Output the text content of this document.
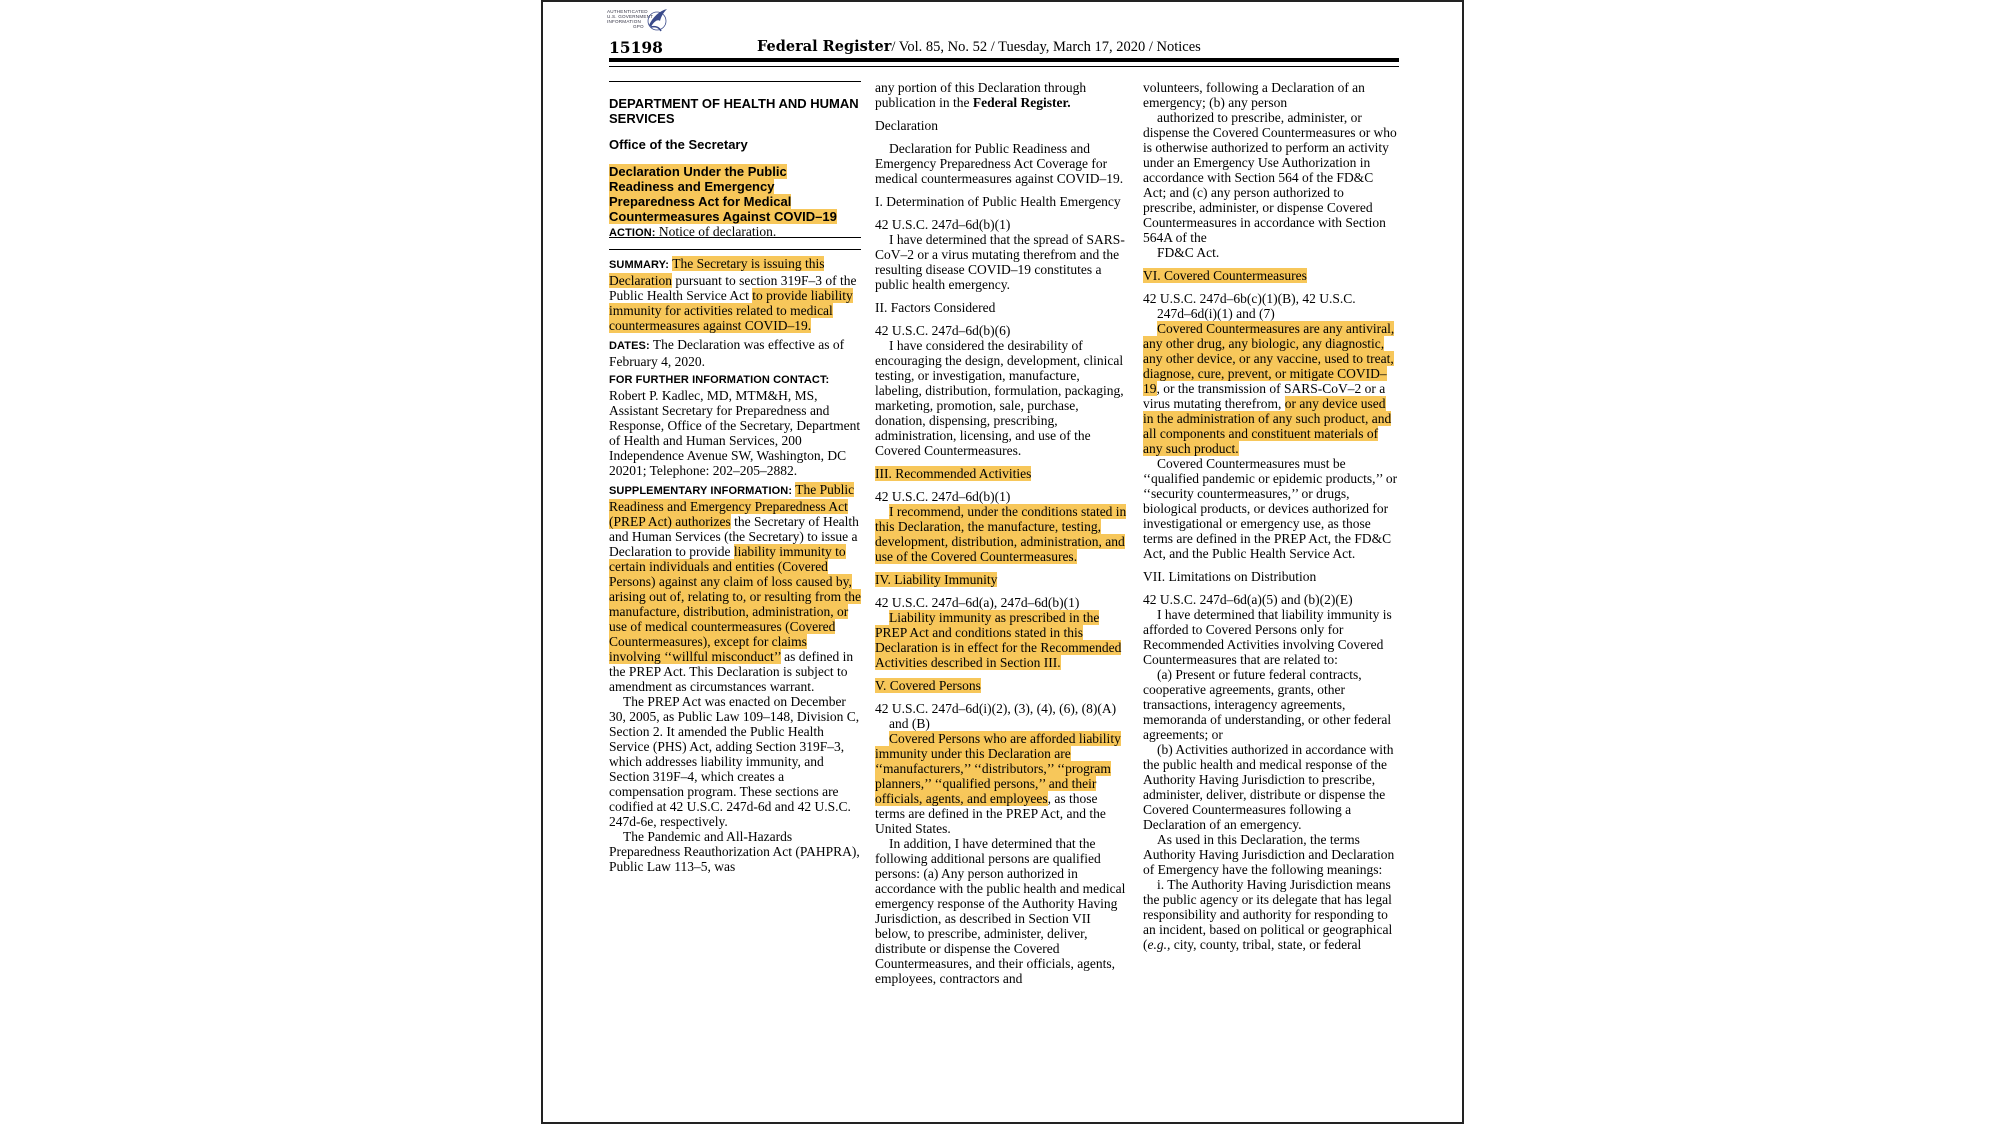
AUTHENTICATED
U.S. GOVERNMENT
INFORMATION
GPO
15198	Federal Register/ Vol. 85, No. 52 / Tuesday, March 17, 2020 / Notices

DEPARTMENT OF HEALTH AND HUMAN SERVICES

Office of the Secretary

Declaration Under the Public Readiness and Emergency Preparedness Act for Medical Countermeasures Against COVID–19

ACTION: Notice of declaration.

SUMMARY: The Secretary is issuing this Declaration pursuant to section 319F–3 of the Public Health Service Act to provide liability immunity for activities related to medical countermeasures against COVID–19.

DATES: The Declaration was effective as of February 4, 2020.

FOR FURTHER INFORMATION CONTACT:

Robert P. Kadlec, MD, MTM&H, MS, Assistant Secretary for Preparedness and Response, Office of the Secretary, Department of Health and Human Services, 200 Independence Avenue SW, Washington, DC 20201; Telephone: 202–205–2882.

SUPPLEMENTARY INFORMATION: The Public Readiness and Emergency Preparedness Act (PREP Act) authorizes the Secretary of Health and Human Services (the Secretary) to issue a Declaration to provide liability immunity to certain individuals and entities (Covered Persons) against any claim of loss caused by, arising out of, relating to, or resulting from the manufacture, distribution, administration, or use of medical countermeasures (Covered Countermeasures), except for claims involving ‘‘willful misconduct’’ as defined in the PREP Act. This Declaration is subject to amendment as circumstances warrant.

The PREP Act was enacted on December 30, 2005, as Public Law 109–148, Division C, Section 2. It amended the Public Health Service (PHS) Act, adding Section 319F–3, which addresses liability immunity, and Section 319F–4, which creates a compensation program. These sections are codified at 42 U.S.C. 247d-6d and 42 U.S.C. 247d-6e, respectively.

The Pandemic and All-Hazards Preparedness Reauthorization Act (PAHPRA), Public Law 113–5, was

any portion of this Declaration through publication in the Federal Register.

Declaration

Declaration for Public Readiness and Emergency Preparedness Act Coverage for medical countermeasures against COVID–19.

I. Determination of Public Health Emergency

42 U.S.C. 247d–6d(b)(1)

I have determined that the spread of SARS-CoV–2 or a virus mutating therefrom and the resulting disease COVID–19 constitutes a public health emergency.

II. Factors Considered

42 U.S.C. 247d–6d(b)(6)

I have considered the desirability of encouraging the design, development, clinical testing, or investigation, manufacture, labeling, distribution, formulation, packaging, marketing, promotion, sale, purchase, donation, dispensing, prescribing, administration, licensing, and use of the Covered Countermeasures.

III. Recommended Activities

42 U.S.C. 247d–6d(b)(1)

I recommend, under the conditions stated in this Declaration, the manufacture, testing, development, distribution, administration, and use of the Covered Countermeasures.

IV. Liability Immunity

42 U.S.C. 247d–6d(a), 247d–6d(b)(1)

Liability immunity as prescribed in the PREP Act and conditions stated in this Declaration is in effect for the Recommended Activities described in Section III.

V. Covered Persons

42 U.S.C. 247d–6d(i)(2), (3), (4), (6), (8)(A) and (B)

Covered Persons who are afforded liability immunity under this Declaration are ‘‘manufacturers,’’ ‘‘distributors,’’ ‘‘program planners,’’ ‘‘qualified persons,’’ and their officials, agents, and employees, as those terms are defined in the PREP Act, and the United States.

In addition, I have determined that the following additional persons are qualified persons: (a) Any person authorized in accordance with the public health and medical emergency response of the Authority Having Jurisdiction, as described in Section VII below, to prescribe, administer, deliver, distribute or dispense the Covered Countermeasures, and their officials, agents, employees, contractors and

volunteers, following a Declaration of an emergency; (b) any person

authorized to prescribe, administer, or dispense the Covered Countermeasures or who is otherwise authorized to perform an activity under an Emergency Use Authorization in accordance with Section 564 of the FD&C Act; and (c) any person authorized to prescribe, administer, or dispense Covered Countermeasures in accordance with Section 564A of the

FD&C Act.

VI. Covered Countermeasures

42 U.S.C. 247d–6b(c)(1)(B), 42 U.S.C.

247d–6d(i)(1) and (7)

Covered Countermeasures are any antiviral, any other drug, any biologic, any diagnostic, any other device, or any vaccine, used to treat, diagnose, cure, prevent, or mitigate COVID–19, or the transmission of SARS-CoV–2 or a virus mutating therefrom, or any device used in the administration of any such product, and all components and constituent materials of any such product.

Covered Countermeasures must be ‘‘qualified pandemic or epidemic products,’’ or ‘‘security countermeasures,’’ or drugs, biological products, or devices authorized for investigational or emergency use, as those terms are defined in the PREP Act, the FD&C Act, and the Public Health Service Act.

VII. Limitations on Distribution

42 U.S.C. 247d–6d(a)(5) and (b)(2)(E)

I have determined that liability immunity is afforded to Covered Persons only for Recommended Activities involving Covered Countermeasures that are related to:

(a) Present or future federal contracts, cooperative agreements, grants, other transactions, interagency agreements, memoranda of understanding, or other federal agreements; or

(b) Activities authorized in accordance with the public health and medical response of the Authority Having Jurisdiction to prescribe, administer, deliver, distribute or dispense the Covered Countermeasures following a Declaration of an emergency.

As used in this Declaration, the terms Authority Having Jurisdiction and Declaration of Emergency have the following meanings:

i. The Authority Having Jurisdiction means the public agency or its delegate that has legal responsibility and authority for responding to an incident, based on political or geographical (e.g., city, county, tribal, state, or federal
